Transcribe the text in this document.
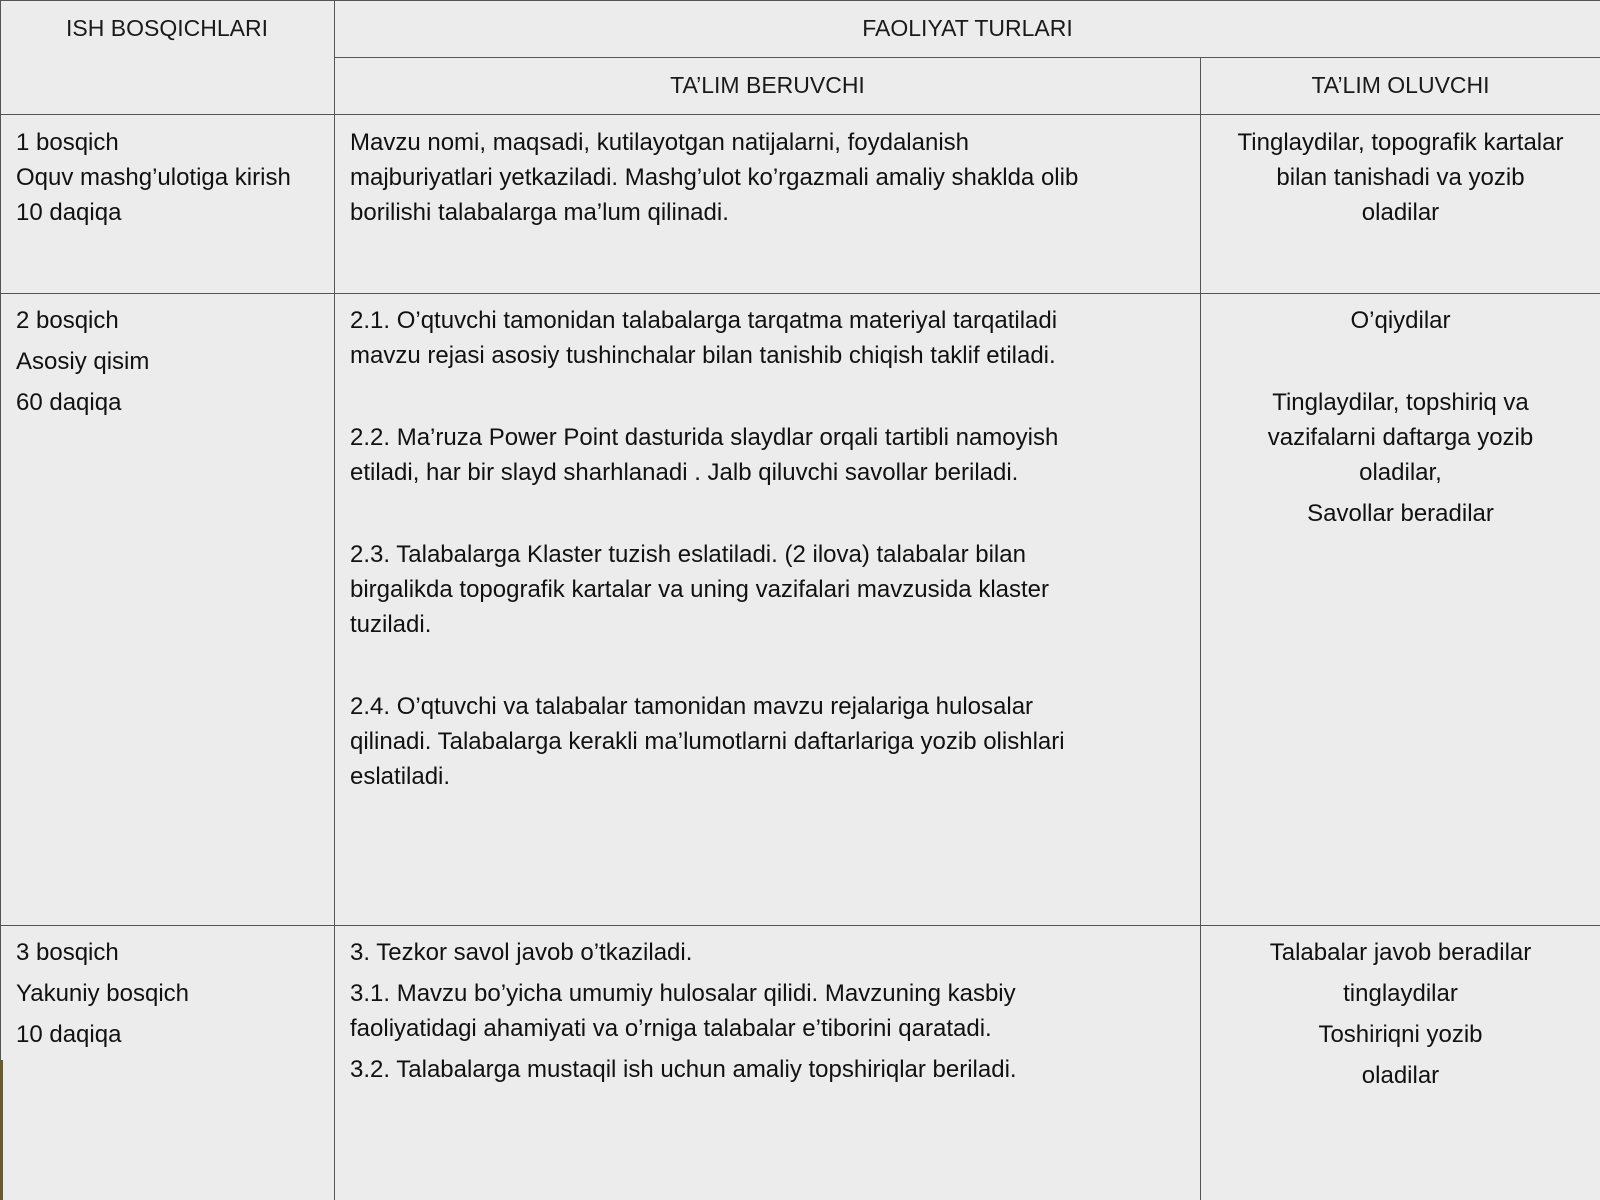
ISH BOSQICHLARI	FAOLIYAT TURLARI
TA’LIM BERUVCHI	TA’LIM OLUVCHI
1 bosqich
Oquv mashg’ulotiga kirish
10 daqiqa
Mavzu nomi, maqsadi, kutilayotgan natijalarni, foydalanish
majburiyatlari yetkaziladi. Mashg’ulot ko’rgazmali amaliy shaklda olib
borilishi talabalarga ma’lum qilinadi.
Tinglaydilar, topografik kartalar
bilan tanishadi va yozib
oladilar
2 bosqich
Asosiy qisim
60 daqiqa
2.1. O’qtuvchi tamonidan talabalarga tarqatma materiyal tarqatiladi
mavzu rejasi asosiy tushinchalar bilan tanishib chiqish taklif etiladi.
2.2. Ma’ruza Power Point dasturida slaydlar orqali tartibli namoyish
etiladi, har bir slayd sharhlanadi . Jalb qiluvchi savollar beriladi.
2.3. Talabalarga Klaster tuzish eslatiladi. (2 ilova) talabalar bilan
birgalikda topografik kartalar va uning vazifalari mavzusida klaster
tuziladi.
2.4. O’qtuvchi va talabalar tamonidan mavzu rejalariga hulosalar
qilinadi. Talabalarga kerakli ma’lumotlarni daftarlariga yozib olishlari
eslatiladi.
O’qiydilar
Tinglaydilar, topshiriq va
vazifalarni daftarga yozib
oladilar,
Savollar beradilar
3 bosqich
Yakuniy bosqich
10 daqiqa
3. Tezkor savol javob o’tkaziladi.
3.1. Mavzu bo’yicha umumiy hulosalar qilidi. Mavzuning kasbiy
faoliyatidagi ahamiyati va o’rniga talabalar e’tiborini qaratadi.
3.2. Talabalarga mustaqil ish uchun amaliy topshiriqlar beriladi.
Talabalar javob beradilar
tinglaydilar
Toshiriqni yozib
oladilar
